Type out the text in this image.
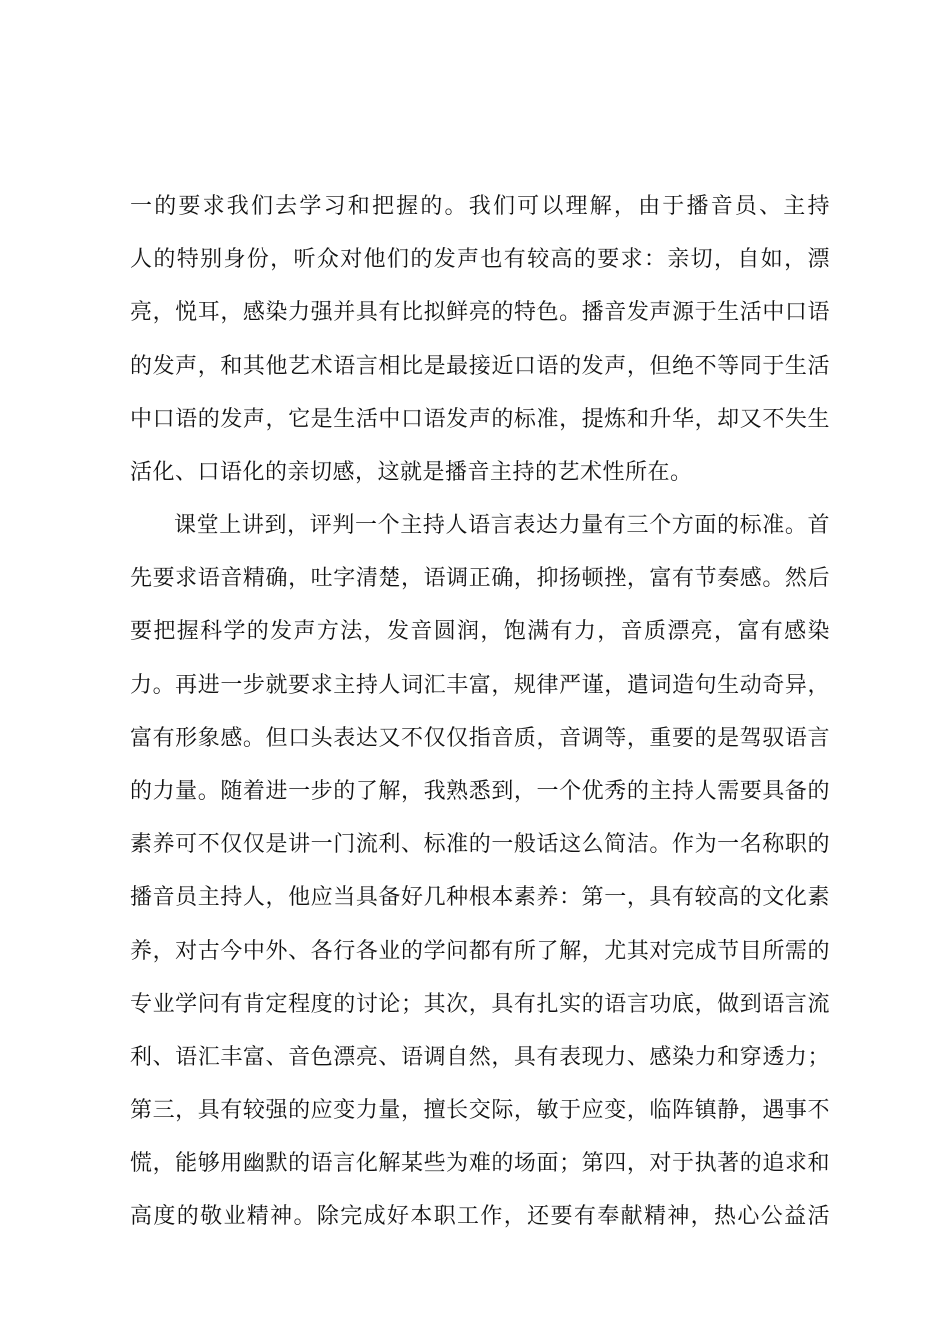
一的要求我们去学习和把握的。我们可以理解，由于播音员、主持
人的特别身份，听众对他们的发声也有较高的要求：亲切，自如，漂
亮，悦耳，感染力强并具有比拟鲜亮的特色。播音发声源于生活中口语
的发声，和其他艺术语言相比是最接近口语的发声，但绝不等同于生活
中口语的发声，它是生活中口语发声的标准，提炼和升华，却又不失生
活化、口语化的亲切感，这就是播音主持的艺术性所在。
课堂上讲到，评判一个主持人语言表达力量有三个方面的标准。首
先要求语音精确，吐字清楚，语调正确，抑扬顿挫，富有节奏感。然后
要把握科学的发声方法，发音圆润，饱满有力，音质漂亮，富有感染
力。再进一步就要求主持人词汇丰富，规律严谨，遣词造句生动奇异，
富有形象感。但口头表达又不仅仅指音质，音调等，重要的是驾驭语言
的力量。随着进一步的了解，我熟悉到，一个优秀的主持人需要具备的
素养可不仅仅是讲一门流利、标准的一般话这么简洁。作为一名称职的
播音员主持人，他应当具备好几种根本素养：第一，具有较高的文化素
养，对古今中外、各行各业的学问都有所了解，尤其对完成节目所需的
专业学问有肯定程度的讨论；其次，具有扎实的语言功底，做到语言流
利、语汇丰富、音色漂亮、语调自然，具有表现力、感染力和穿透力；
第三，具有较强的应变力量，擅长交际，敏于应变，临阵镇静，遇事不
慌，能够用幽默的语言化解某些为难的场面；第四，对于执著的追求和
高度的敬业精神。除完成好本职工作，还要有奉献精神，热心公益活
